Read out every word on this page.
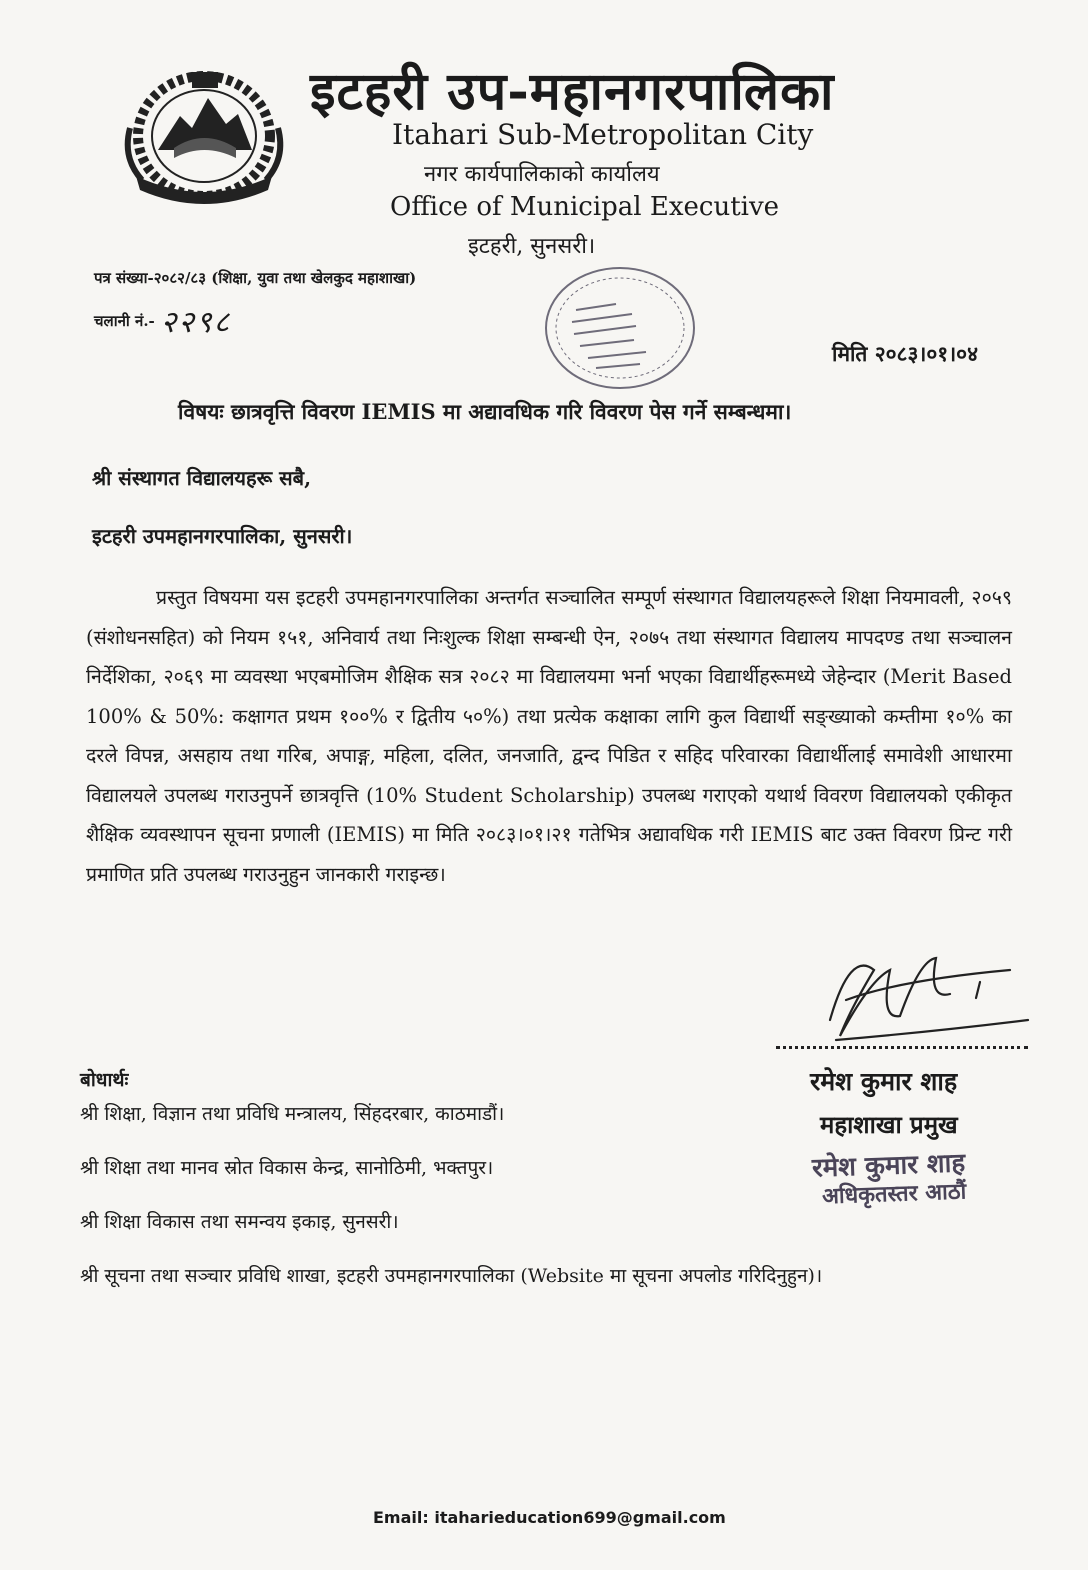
इटहरी उप-महानगरपालिका
Itahari Sub-Metropolitan City
नगर कार्यपालिकाको कार्यालय
Office of Municipal Executive
इटहरी, सुनसरी।
पत्र संख्या-२०८२/८३ (शिक्षा, युवा तथा खेलकुद महाशाखा)
चलानी नं.- २२९८
मिति २०८३।०१।०४
विषयः छात्रवृत्ति विवरण IEMIS मा अद्यावधिक गरि विवरण पेस गर्ने सम्बन्धमा।
श्री संस्थागत विद्यालयहरू सबै,
इटहरी उपमहानगरपालिका, सुनसरी।

प्रस्तुत विषयमा यस इटहरी उपमहानगरपालिका अन्तर्गत सञ्चालित सम्पूर्ण संस्थागत विद्यालयहरूले शिक्षा नियमावली, २०५९ (संशोधनसहित) को नियम १५१, अनिवार्य तथा निःशुल्क शिक्षा सम्बन्धी ऐन, २०७५ तथा संस्थागत विद्यालय मापदण्ड तथा सञ्चालन निर्देशिका, २०६९ मा व्यवस्था भएबमोजिम शैक्षिक सत्र २०८२ मा विद्यालयमा भर्ना भएका विद्यार्थीहरूमध्ये जेहेन्दार (Merit Based 100% & 50%: कक्षागत प्रथम १००% र द्वितीय ५०%) तथा प्रत्येक कक्षाका लागि कुल विद्यार्थी सङ्ख्याको कम्तीमा १०% का दरले विपन्न, असहाय तथा गरिब, अपाङ्ग, महिला, दलित, जनजाति, द्वन्द पिडित र सहिद परिवारका विद्यार्थीलाई समावेशी आधारमा विद्यालयले उपलब्ध गराउनुपर्ने छात्रवृत्ति (10% Student Scholarship) उपलब्ध गराएको यथार्थ विवरण विद्यालयको एकीकृत शैक्षिक व्यवस्थापन सूचना प्रणाली (IEMIS) मा मिति २०८३।०१।२१ गतेभित्र अद्यावधिक गरी IEMIS बाट उक्त विवरण प्रिन्ट गरी प्रमाणित प्रति उपलब्ध गराउनुहुन जानकारी गराइन्छ।

रमेश कुमार शाह
महाशाखा प्रमुख
रमेश कुमार शाह
अधिकृतस्तर आठौं
बोधार्थः
श्री शिक्षा, विज्ञान तथा प्रविधि मन्त्रालय, सिंहदरबार, काठमाडौं।
श्री शिक्षा तथा मानव स्रोत विकास केन्द्र, सानोठिमी, भक्तपुर।
श्री शिक्षा विकास तथा समन्वय इकाइ, सुनसरी।
श्री सूचना तथा सञ्चार प्रविधि शाखा, इटहरी उपमहानगरपालिका (Website मा सूचना अपलोड गरिदिनुहुन)।
Email: itaharieducation699@gmail.com
